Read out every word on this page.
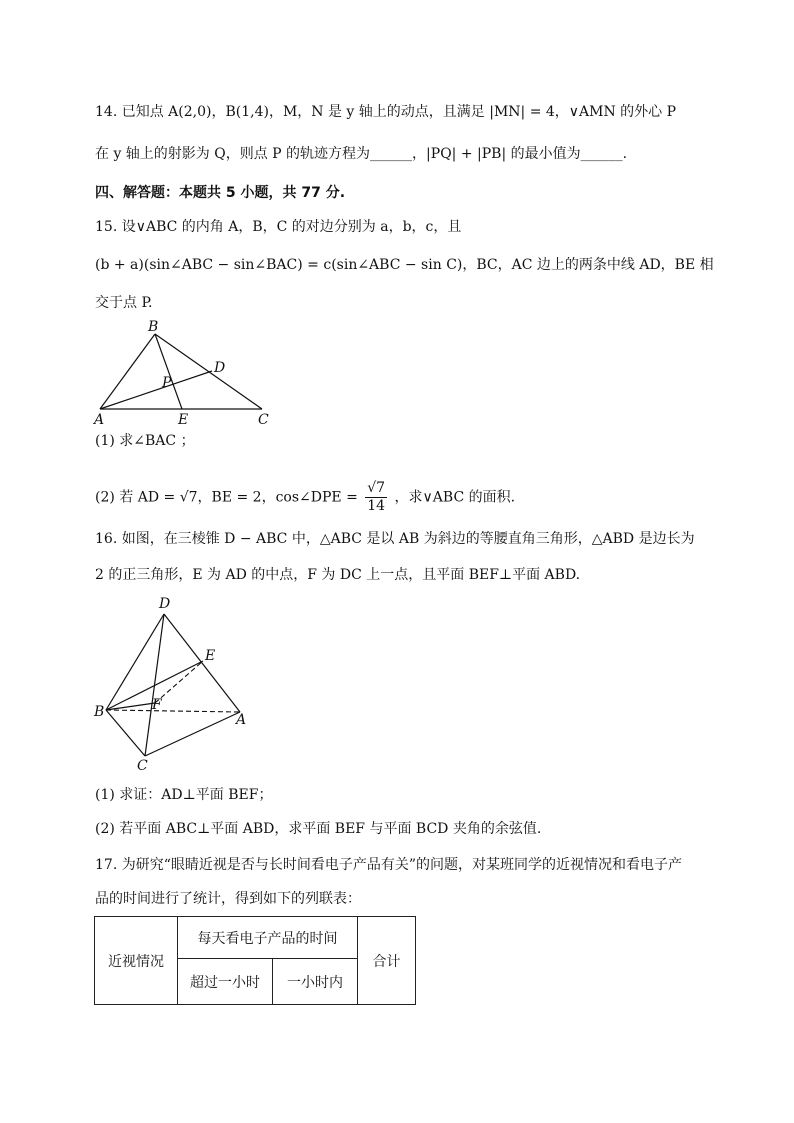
14. 已知点 A(2,0)，B(1,4)，M，N 是 y 轴上的动点，且满足 |MN| = 4，∨AMN 的外心 P
在 y 轴上的射影为 Q，则点 P 的轨迹方程为______，|PQ| + |PB| 的最小值为______.
四、解答题：本题共 5 小题，共 77 分.
15. 设∨ABC 的内角 A，B，C 的对边分别为 a，b，c，且
(b + a)(sin∠ABC − sin∠BAC) = c(sin∠ABC − sin C)，BC，AC 边上的两条中线 AD，BE 相
交于点 P.
B
D
P
A	E	C
(1) 求∠BAC ；
(2) 若 AD = √7，BE = 2，cos∠DPE = $\frac{√7}{14}$ ，求∨ABC 的面积.
16. 如图，在三棱锥 D − ABC 中，△ABC 是以 AB 为斜边的等腰直角三角形，△ABD 是边长为
2 的正三角形，E 为 AD 的中点，F 为 DC 上一点，且平面 BEF⊥平面 ABD.
D
E
B	F
A
C
(1) 求证：AD⊥平面 BEF；
(2) 若平面 ABC⊥平面 ABD，求平面 BEF 与平面 BCD 夹角的余弦值.
17. 为研究“眼睛近视是否与长时间看电子产品有关”的问题，对某班同学的近视情况和看电子产
品的时间进行了统计，得到如下的列联表：
近视情况	每天看电子产品的时间		合计
	超过一小时	一小时内	
